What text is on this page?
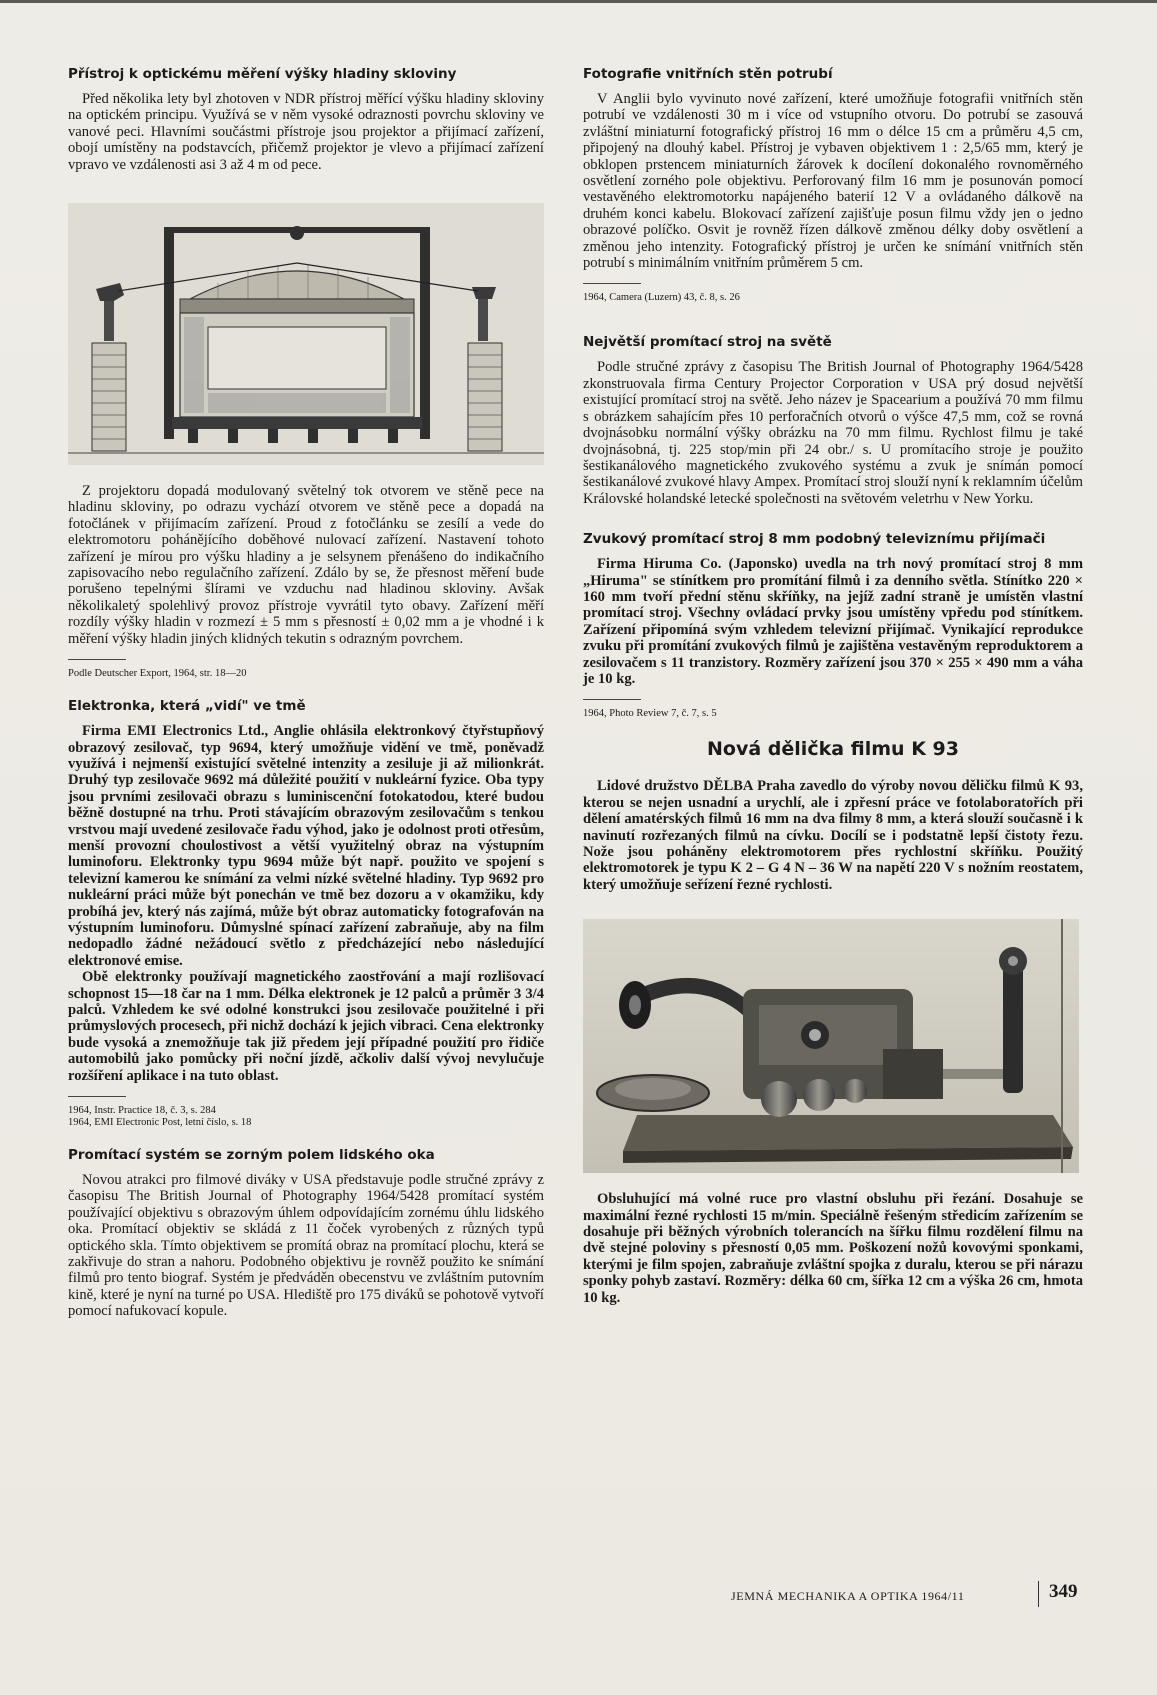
Přístroj k optickému měření výšky hladiny skloviny

Před několika lety byl zhotoven v NDR přístroj měřící výšku hladiny skloviny na optickém principu. Využívá se v něm vysoké odraznosti povrchu skloviny ve vanové peci. Hlavními součástmi přístroje jsou projektor a přijímací zařízení, obojí umístěny na podstavcích, přičemž projektor je vlevo a přijímací zařízení vpravo ve vzdálenosti asi 3 až 4 m od pece.

Z projektoru dopadá modulovaný světelný tok otvorem ve stěně pece na hladinu skloviny, po odrazu vychází otvorem ve stěně pece a dopadá na fotočlánek v přijímacím zařízení. Proud z fotočlánku se zesílí a vede do elektromotoru pohánějícího doběhové nulovací zařízení. Nastavení tohoto zařízení je mírou pro výšku hladiny a je selsynem přenášeno do indikačního zapisovacího nebo regulačního zařízení. Zdálo by se, že přesnost měření bude porušeno tepelnými šlírami ve vzduchu nad hladinou skloviny. Avšak několikaletý spolehlivý provoz přístroje vyvrátil tyto obavy. Zařízení měří rozdíly výšky hladin v rozmezí ± 5 mm s přesností ± 0,02 mm a je vhodné i k měření výšky hladin jiných klidných tekutin s odrazným povrchem.

Podle Deutscher Export, 1964, str. 18—20

Elektronka, která „vidí" ve tmě

Firma EMI Electronics Ltd., Anglie ohlásila elektronkový čtyřstupňový obrazový zesilovač, typ 9694, který umožňuje vidění ve tmě, poněvadž využívá i nejmenší existující světelné intenzity a zesiluje ji až milionkrát. Druhý typ zesilovače 9692 má důležité použití v nukleární fyzice. Oba typy jsou prvními zesilovači obrazu s luminiscenční fotokatodou, které budou běžně dostupné na trhu. Proti stávajícím obrazovým zesilovačům s tenkou vrstvou mají uvedené zesilovače řadu výhod, jako je odolnost proti otřesům, menší provozní choulostivost a větší využitelný obraz na výstupním luminoforu. Elektronky typu 9694 může být např. použito ve spojení s televizní kamerou ke snímání za velmi nízké světelné hladiny. Typ 9692 pro nukleární práci může být ponechán ve tmě bez dozoru a v okamžiku, kdy probíhá jev, který nás zajímá, může být obraz automaticky fotografován na výstupním luminoforu. Důmyslné spínací zařízení zabraňuje, aby na film nedopadlo žádné nežádoucí světlo z předcházející nebo následující elektronové emise.

Obě elektronky používají magnetického zaostřování a mají rozlišovací schopnost 15—18 čar na 1 mm. Délka elektronek je 12 palců a průměr 3 3/4 palců. Vzhledem ke své odolné konstrukci jsou zesilovače použitelné i při průmyslových procesech, při nichž dochází k jejich vibraci. Cena elektronky bude vysoká a znemožňuje tak již předem její případné použití pro řidiče automobilů jako pomůcky při noční jízdě, ačkoliv další vývoj nevylučuje rozšíření aplikace i na tuto oblast.

1964, Instr. Practice 18, č. 3, s. 284

1964, EMI Electronic Post, letní číslo, s. 18

Promítací systém se zorným polem lidského oka

Novou atrakci pro filmové diváky v USA představuje podle stručné zprávy z časopisu The British Journal of Photography 1964/5428 promítací systém používající objektivu s obrazovým úhlem odpovídajícím zornému úhlu lidského oka. Promítací objektiv se skládá z 11 čoček vyrobených z různých typů optického skla. Tímto objektivem se promítá obraz na promítací plochu, která se zakřivuje do stran a nahoru. Podobného objektivu je rovněž použito ke snímání filmů pro tento biograf. Systém je předváděn obecenstvu ve zvláštním putovním kině, které je nyní na turné po USA. Hlediště pro 175 diváků se pohotově vytvoří pomocí nafukovací kopule.

Fotografie vnitřních stěn potrubí

V Anglii bylo vyvinuto nové zařízení, které umožňuje fotografii vnitřních stěn potrubí ve vzdálenosti 30 m i více od vstupního otvoru. Do potrubí se zasouvá zvláštní miniaturní fotografický přístroj 16 mm o délce 15 cm a průměru 4,5 cm, připojený na dlouhý kabel. Přístroj je vybaven objektivem 1 : 2,5/65 mm, který je obklopen prstencem miniaturních žárovek k docílení dokonalého rovnoměrného osvětlení zorného pole objektivu. Perforovaný film 16 mm je posunován pomocí vestavěného elektromotorku napájeného baterií 12 V a ovládaného dálkově na druhém konci kabelu. Blokovací zařízení zajišťuje posun filmu vždy jen o jedno obrazové políčko. Osvit je rovněž řízen dálkově změnou délky doby osvětlení a změnou jeho intenzity. Fotografický přístroj je určen ke snímání vnitřních stěn potrubí s minimálním vnitřním průměrem 5 cm.

1964, Camera (Luzern) 43, č. 8, s. 26

Největší promítací stroj na světě

Podle stručné zprávy z časopisu The British Journal of Photography 1964/5428 zkonstruovala firma Century Projector Corporation v USA prý dosud největší existující promítací stroj na světě. Jeho název je Spacearium a používá 70 mm filmu s obrázkem sahajícím přes 10 perforačních otvorů o výšce 47,5 mm, což se rovná dvojnásobku normální výšky obrázku na 70 mm filmu. Rychlost filmu je také dvojnásobná, tj. 225 stop/min při 24 obr./ s. U promítacího stroje je použito šestikanálového magnetického zvukového systému a zvuk je snímán pomocí šestikanálové zvukové hlavy Ampex. Promítací stroj slouží nyní k reklamním účelům Královské holandské letecké společnosti na světovém veletrhu v New Yorku.

Zvukový promítací stroj 8 mm podobný televiznímu přijímači

Firma Hiruma Co. (Japonsko) uvedla na trh nový promítací stroj 8 mm „Hiruma" se stínítkem pro promítání filmů i za denního světla. Stínítko 220 × 160 mm tvoří přední stěnu skříňky, na jejíž zadní straně je umístěn vlastní promítací stroj. Všechny ovládací prvky jsou umístěny vpředu pod stínítkem. Zařízení připomíná svým vzhledem televizní přijímač. Vynikající reprodukce zvuku při promítání zvukových filmů je zajištěna vestavěným reproduktorem a zesilovačem s 11 tranzistory. Rozměry zařízení jsou 370 × 255 × 490 mm a váha je 10 kg.

1964, Photo Review 7, č. 7, s. 5

Nová dělička filmu K 93

Lidové družstvo DĚLBA Praha zavedlo do výroby novou děličku filmů K 93, kterou se nejen usnadní a urychlí, ale i zpřesní práce ve fotolaboratořích při dělení amatérských filmů 16 mm na dva filmy 8 mm, a která slouží současně i k navinutí rozřezaných filmů na cívku. Docílí se i podstatně lepší čistoty řezu. Nože jsou poháněny elektromotorem přes rychlostní skříňku. Použitý elektromotorek je typu K 2 – G 4 N – 36 W na napětí 220 V s nožním reostatem, který umožňuje seřízení řezné rychlosti.

Obsluhující má volné ruce pro vlastní obsluhu při řezání. Dosahuje se maximální řezné rychlosti 15 m/min. Speciálně řešeným středicím zařízením se dosahuje při běžných výrobních tolerancích na šířku filmu rozdělení filmu na dvě stejné poloviny s přesností 0,05 mm. Poškození nožů kovovými sponkami, kterými je film spojen, zabraňuje zvláštní spojka z duralu, kterou se při nárazu sponky pohyb zastaví. Rozměry: délka 60 cm, šířka 12 cm a výška 26 cm, hmota 10 kg.

JEMNÁ MECHANIKA A OPTIKA 1964/11	349
